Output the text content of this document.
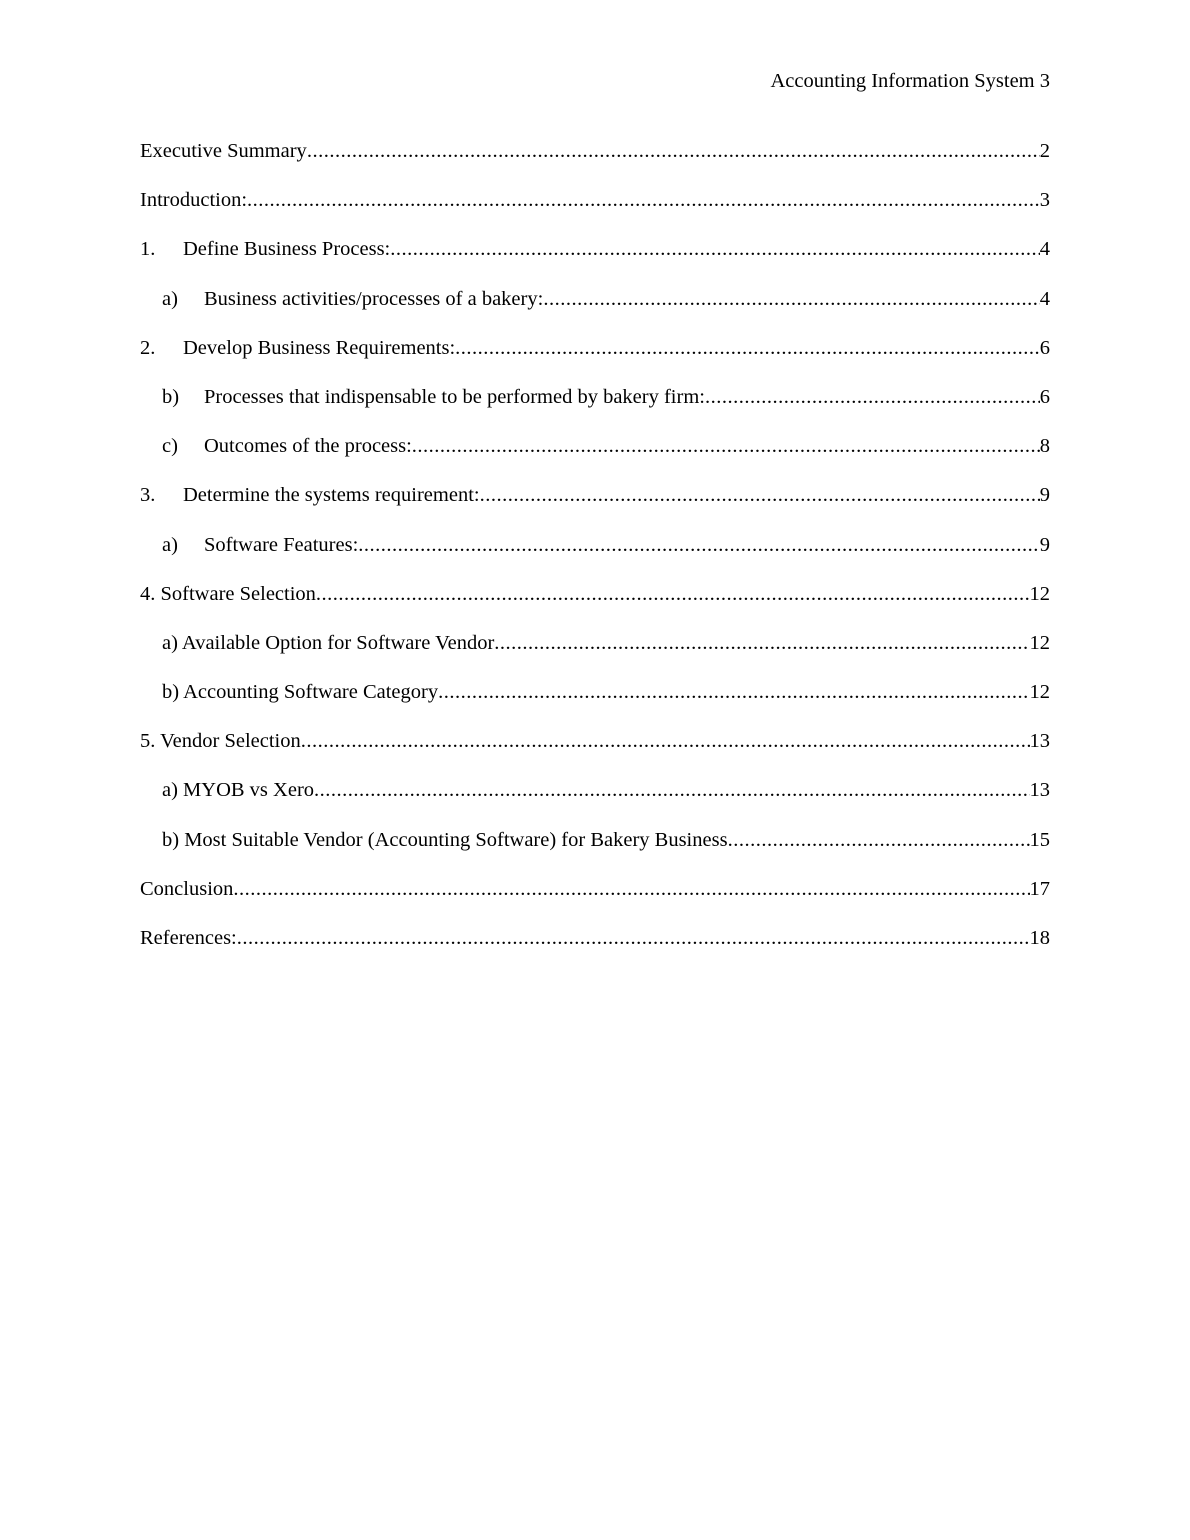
Accounting Information System 3
Executive Summary .....	2
Introduction: .....	3
1.	Define Business Process: .....	4
a)	Business activities/processes of a bakery: .....	4
2.	Develop Business Requirements: .....	6
b)	Processes that indispensable to be performed by bakery firm: .....	6
c)	Outcomes of the process: .....	8
3.	Determine the systems requirement: .....	9
a)	Software Features: .....	9
4. Software Selection .....	12
a) Available Option for Software Vendor .....	12
b) Accounting Software Category .....	12
5. Vendor Selection .....	13
a) MYOB vs Xero .....	13
b) Most Suitable Vendor (Accounting Software) for Bakery Business .....	15
Conclusion .....	17
References: .....	18
